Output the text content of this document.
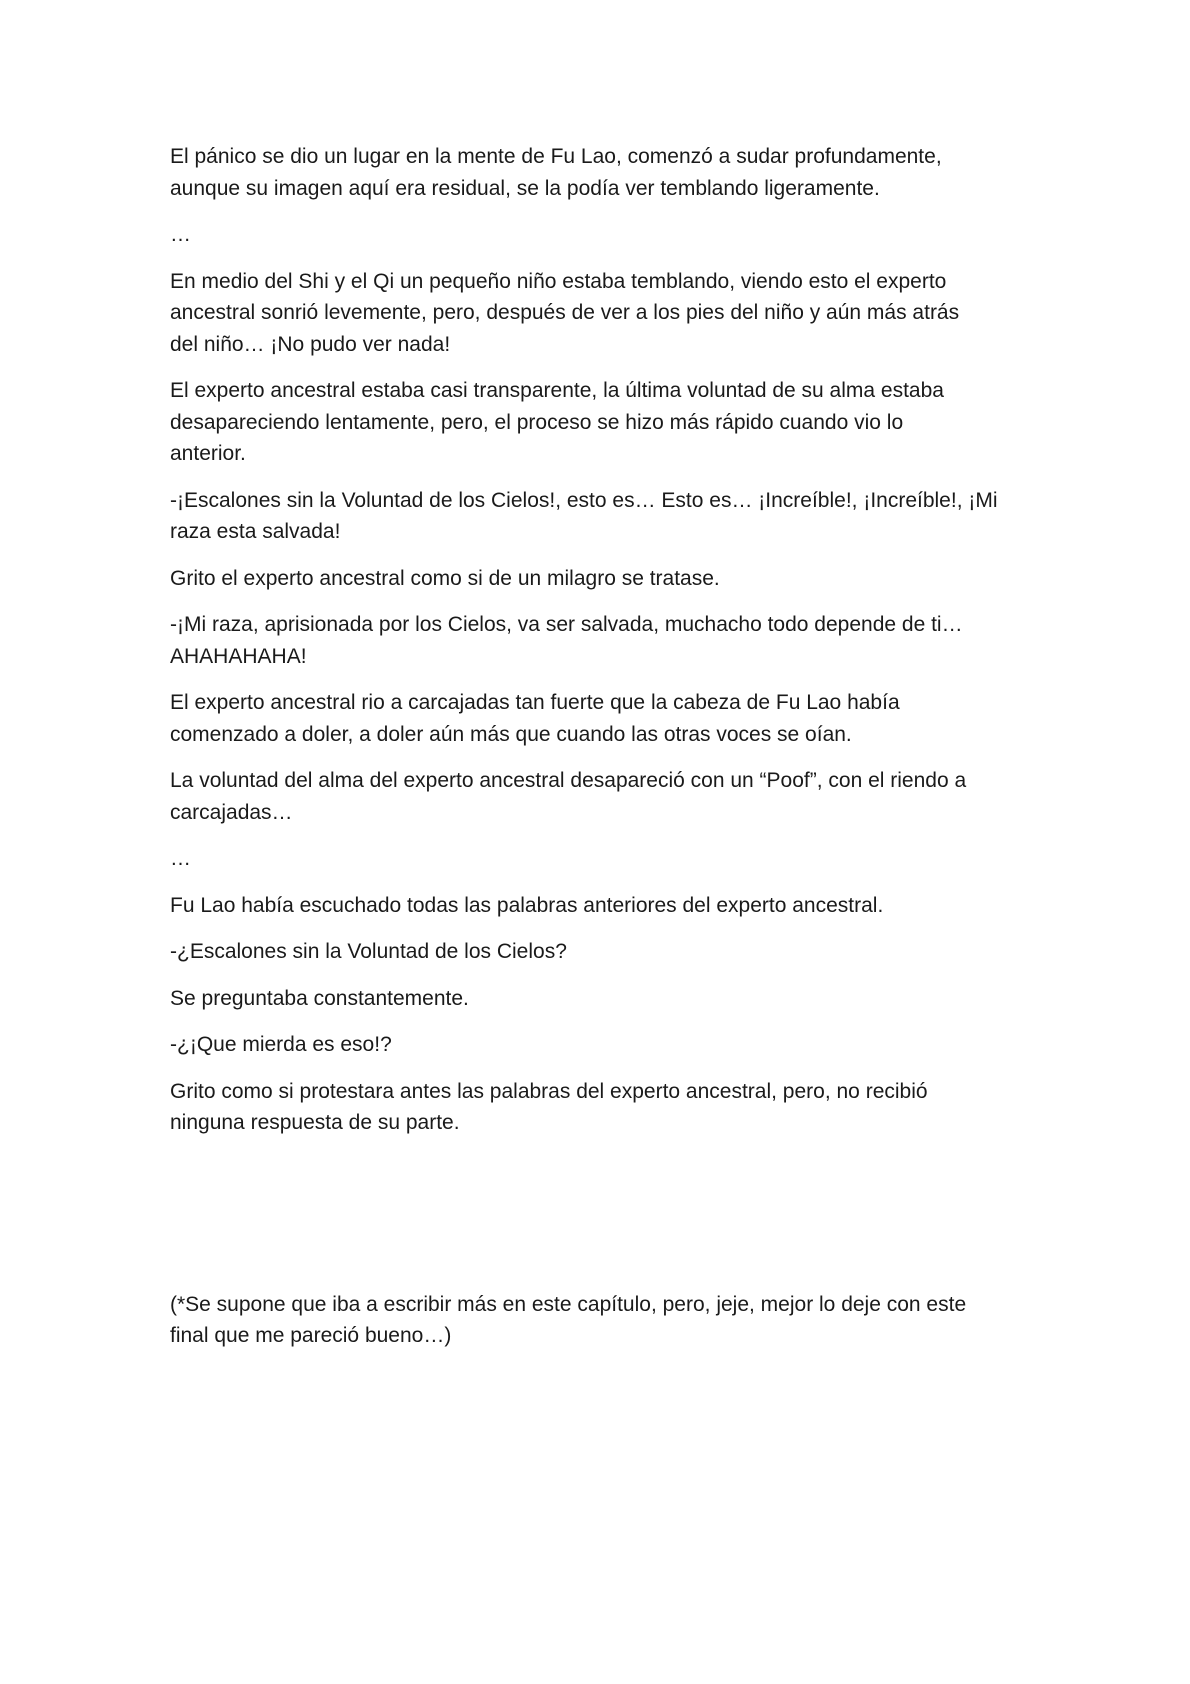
El pánico se dio un lugar en la mente de Fu Lao, comenzó a sudar profundamente,
aunque su imagen aquí era residual, se la podía ver temblando ligeramente.

…

En medio del Shi y el Qi un pequeño niño estaba temblando, viendo esto el experto
ancestral sonrió levemente, pero, después de ver a los pies del niño y aún más atrás
del niño… ¡No pudo ver nada!

El experto ancestral estaba casi transparente, la última voluntad de su alma estaba
desapareciendo lentamente, pero, el proceso se hizo más rápido cuando vio lo
anterior.

-¡Escalones sin la Voluntad de los Cielos!, esto es… Esto es… ¡Increíble!, ¡Increíble!, ¡Mi
raza esta salvada!

Grito el experto ancestral como si de un milagro se tratase.

-¡Mi raza, aprisionada por los Cielos, va ser salvada, muchacho todo depende de ti…
AHAHAHAHA!

El experto ancestral rio a carcajadas tan fuerte que la cabeza de Fu Lao había
comenzado a doler, a doler aún más que cuando las otras voces se oían.

La voluntad del alma del experto ancestral desapareció con un “Poof”, con el riendo a
carcajadas…

…

Fu Lao había escuchado todas las palabras anteriores del experto ancestral.

-¿Escalones sin la Voluntad de los Cielos?

Se preguntaba constantemente.

-¿¡Que mierda es eso!?

Grito como si protestara antes las palabras del experto ancestral, pero, no recibió
ninguna respuesta de su parte.

(*Se supone que iba a escribir más en este capítulo, pero, jeje, mejor lo deje con este
final que me pareció bueno…)
